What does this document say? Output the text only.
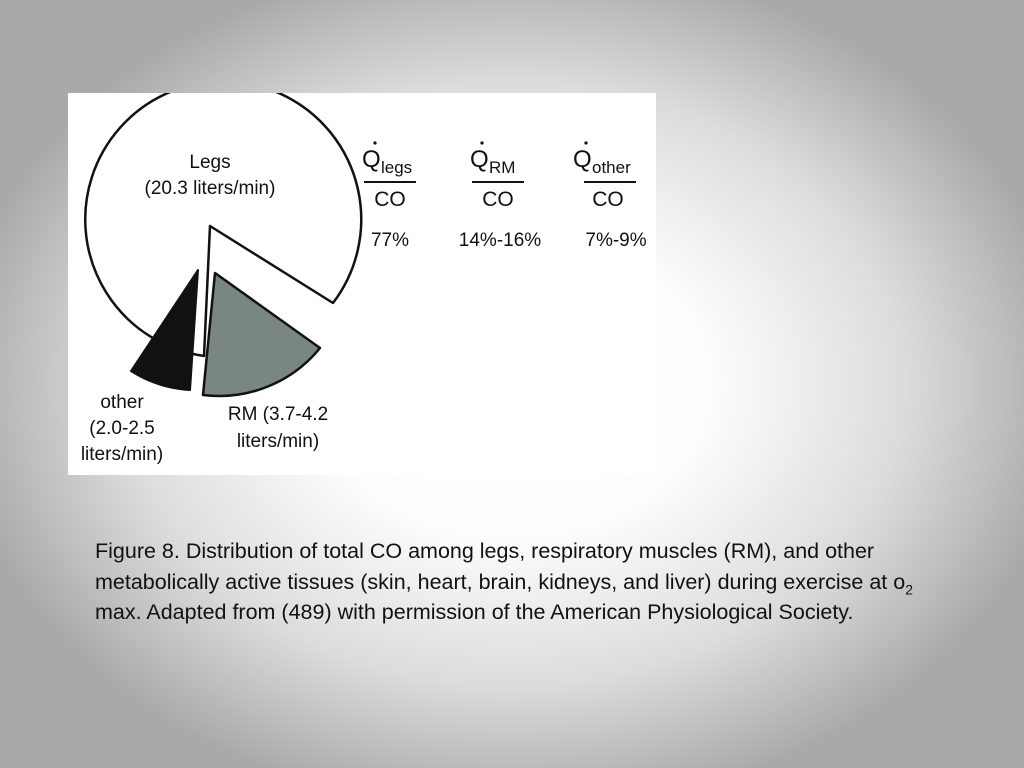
Legs
(20.3 liters/min)
other
(2.0-2.5
liters/min)
RM (3.7-4.2
liters/min)
Q legs
CO
77%
Q RM
CO
14%-16%
Q other
CO
7%-9%
Figure 8. Distribution of total CO among legs, respiratory muscles (RM), and other metabolically active tissues (skin, heart, brain, kidneys, and liver) during exercise at $o_2$ max. Adapted from (489) with permission of the American Physiological Society.
